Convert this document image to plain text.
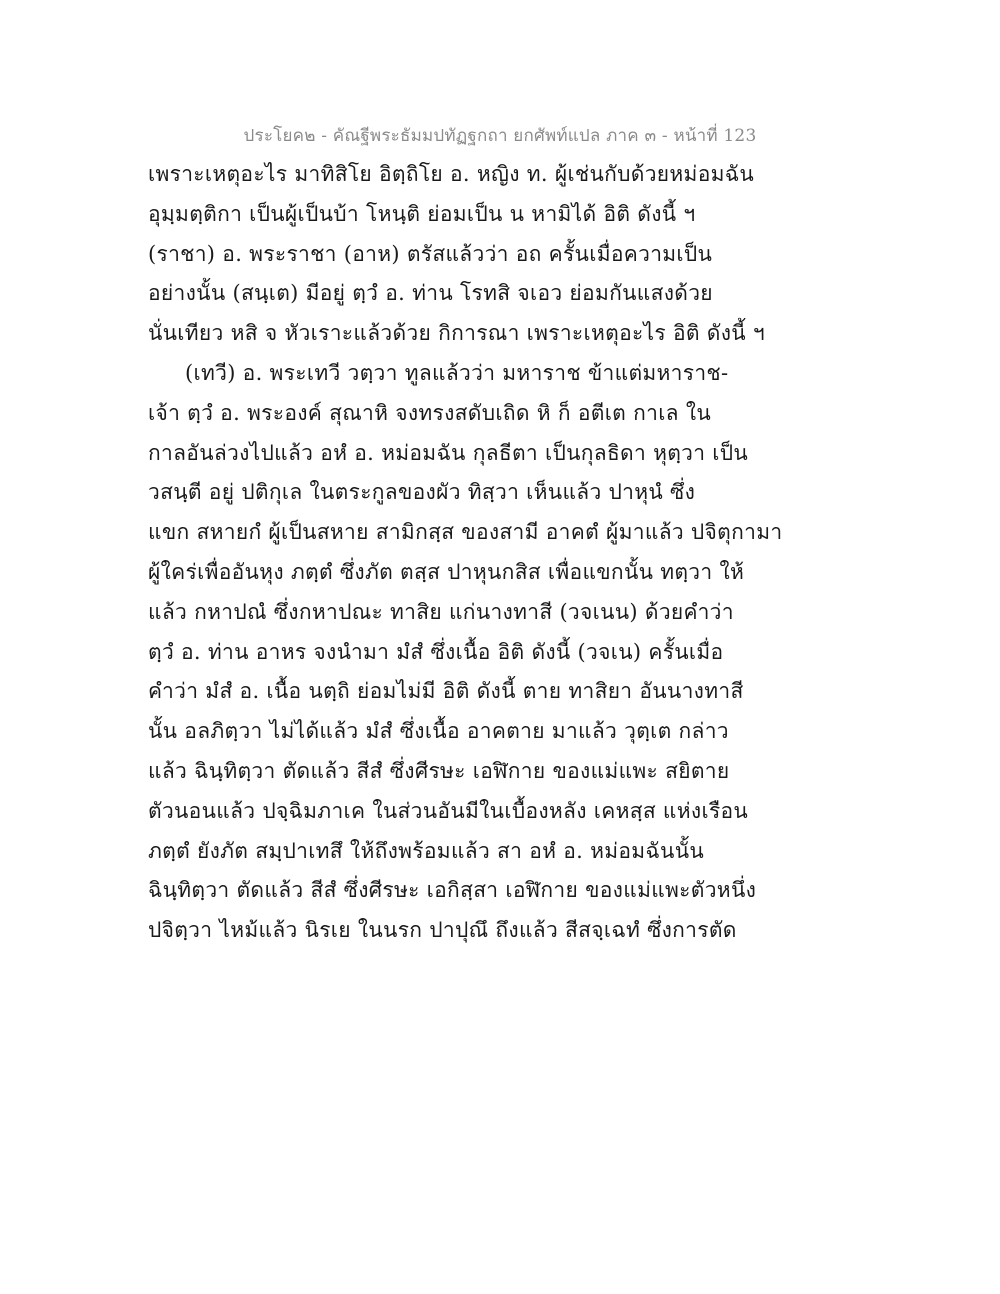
ประโยค๒ - คัณฐีพระธัมมปทัฏฐกถา ยกศัพท์แปล ภาค ๓ - หน้าที่ 123
เพราะเหตุอะไร มาทิสิโย อิตฺถิโย อ. หญิง ท. ผู้เช่นกับด้วยหม่อมฉัน
อุมฺมตฺติกา เป็นผู้เป็นบ้า โหนฺติ ย่อมเป็น น หามิได้ อิติ ดังนี้ ฯ
(ราชา) อ. พระราชา (อาห) ตรัสแล้วว่า อถ ครั้นเมื่อความเป็น
อย่างนั้น (สนฺเต) มีอยู่ ตฺวํ อ. ท่าน โรทสิ จเอว ย่อมกันแสงด้วย
นั่นเทียว หสิ จ หัวเราะแล้วด้วย กิการณา เพราะเหตุอะไร อิติ ดังนี้ ฯ
(เทวี) อ. พระเทวี วตฺวา ทูลแล้วว่า มหาราช ข้าแต่มหาราช-
เจ้า ตฺวํ อ. พระองค์ สุณาหิ จงทรงสดับเถิด หิ ก็ อตีเต กาเล ใน
กาลอันล่วงไปแล้ว อหํ อ. หม่อมฉัน กุลธีตา เป็นกุลธิดา หุตฺวา เป็น
วสนฺตี อยู่ ปติกุเล ในตระกูลของผัว ทิสฺวา เห็นแล้ว ปาหุนํ ซึ่ง
แขก สหายกํ ผู้เป็นสหาย สามิกสฺส ของสามี อาคตํ ผู้มาแล้ว ปจิตุกามา
ผู้ใคร่เพื่ออันหุง ภตฺตํ ซึ่งภัต ตสฺส ปาหุนกสิส เพื่อแขกนั้น ทตฺวา ให้
แล้ว กหาปณํ ซึ่งกหาปณะ ทาสิย แก่นางทาสี (วจเนน) ด้วยคำว่า
ตฺวํ อ. ท่าน อาหร จงนำมา มํสํ ซึ่งเนื้อ อิติ ดังนี้ (วจเน) ครั้นเมื่อ
คำว่า มํสํ อ. เนื้อ นตฺถิ ย่อมไม่มี อิติ ดังนี้ ตาย ทาสิยา อันนางทาสี
นั้น อลภิตฺวา ไม่ได้แล้ว มํสํ ซึ่งเนื้อ อาคตาย มาแล้ว วุตฺเต กล่าว
แล้ว ฉินฺทิตฺวา ตัดแล้ว สีสํ ซึ่งศีรษะ เอฬิกาย ของแม่แพะ สยิตาย
ตัวนอนแล้ว ปจฺฉิมภาเค ในส่วนอันมีในเบื้องหลัง เคหสฺส แห่งเรือน
ภตฺตํ ยังภัต สมฺปาเทสึ ให้ถึงพร้อมแล้ว สา อหํ อ. หม่อมฉันนั้น
ฉินฺทิตฺวา ตัดแล้ว สีสํ ซึ่งศีรษะ เอกิสฺสา เอฬิกาย ของแม่แพะตัวหนึ่ง
ปจิตฺวา ไหม้แล้ว นิรเย ในนรก ปาปุณึ ถึงแล้ว สีสจฺเฉทํ ซึ่งการตัด
